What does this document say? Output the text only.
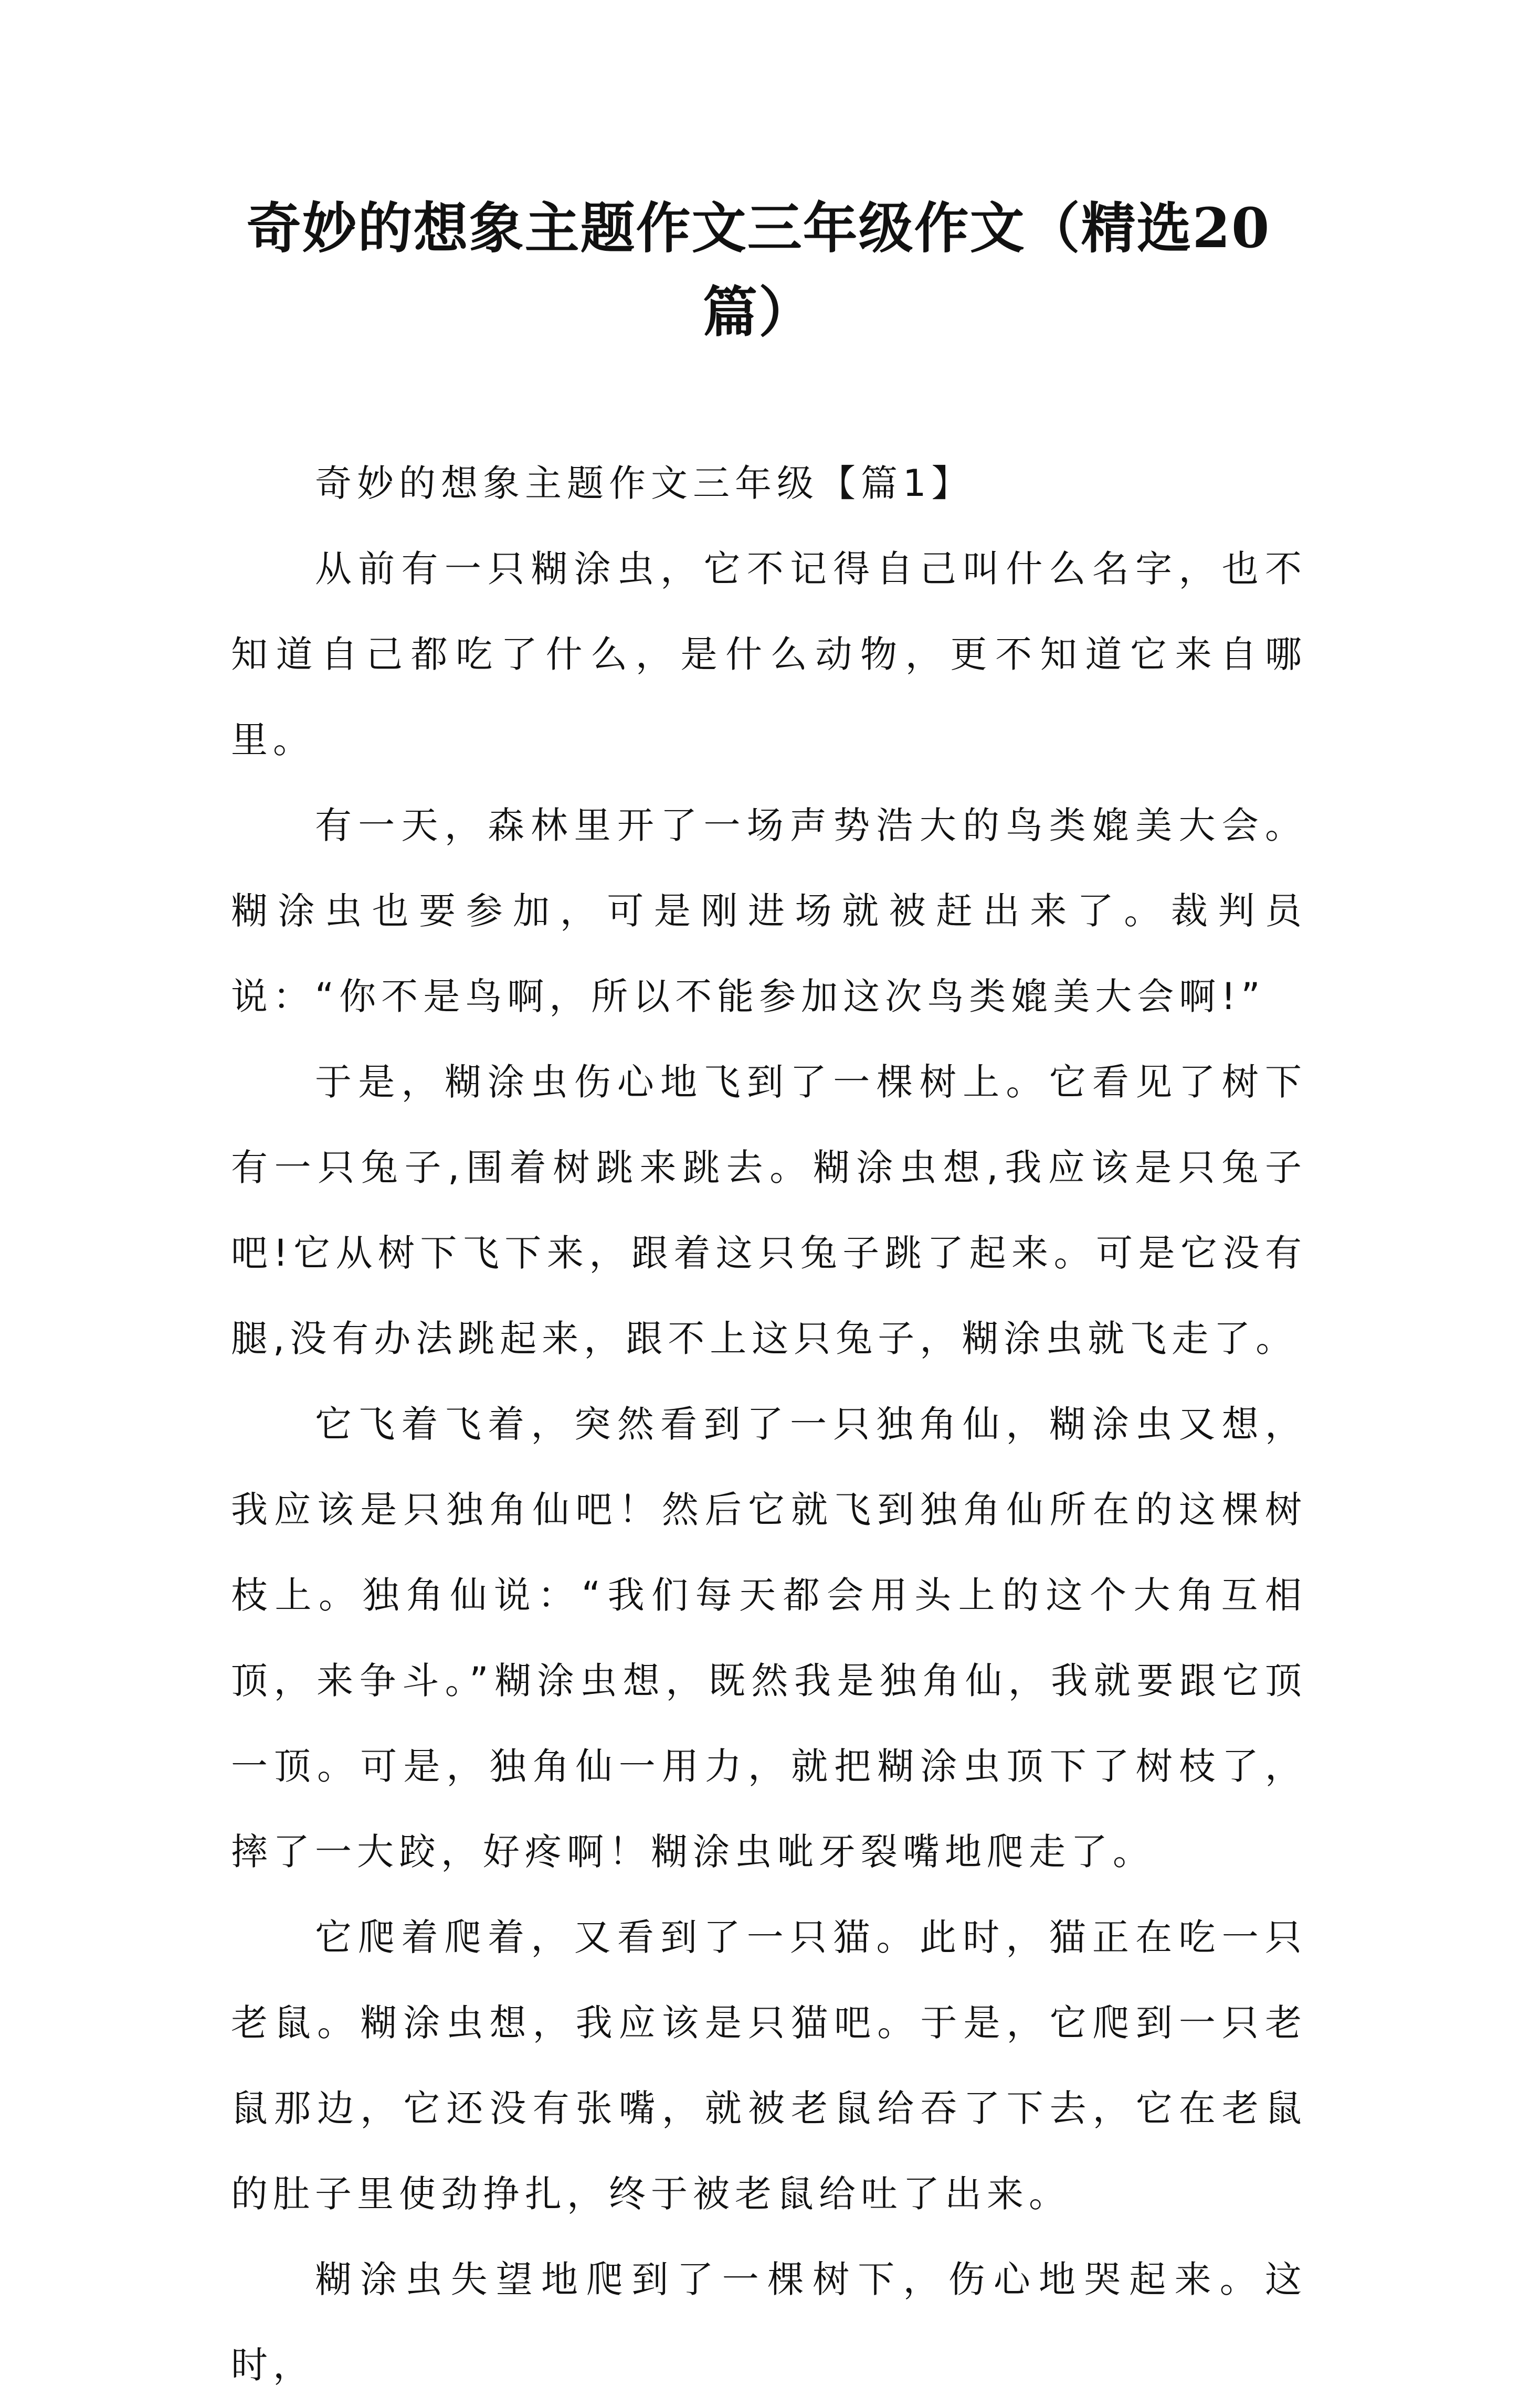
奇妙的想象主题作文三年级作文（精选20篇）

奇妙的想象主题作文三年级【篇1】

从前有一只糊涂虫，它不记得自己叫什么名字，也不知道自己都吃了什么，是什么动物，更不知道它来自哪里。

有一天，森林里开了一场声势浩大的鸟类媲美大会。糊涂虫也要参加，可是刚进场就被赶出来了。裁判员说：“你不是鸟啊，所以不能参加这次鸟类媲美大会啊!”

于是，糊涂虫伤心地飞到了一棵树上。它看见了树下有一只兔子,围着树跳来跳去。糊涂虫想,我应该是只兔子吧!它从树下飞下来，跟着这只兔子跳了起来。可是它没有腿,没有办法跳起来，跟不上这只兔子，糊涂虫就飞走了。

它飞着飞着，突然看到了一只独角仙，糊涂虫又想，我应该是只独角仙吧！然后它就飞到独角仙所在的这棵树枝上。独角仙说：“我们每天都会用头上的这个大角互相顶，来争斗。”糊涂虫想，既然我是独角仙，我就要跟它顶一顶。可是，独角仙一用力，就把糊涂虫顶下了树枝了，摔了一大跤，好疼啊！糊涂虫呲牙裂嘴地爬走了。

它爬着爬着，又看到了一只猫。此时，猫正在吃一只老鼠。糊涂虫想，我应该是只猫吧。于是，它爬到一只老鼠那边，它还没有张嘴，就被老鼠给吞了下去，它在老鼠的肚子里使劲挣扎，终于被老鼠给吐了出来。

糊涂虫失望地爬到了一棵树下，伤心地哭起来。这时，
